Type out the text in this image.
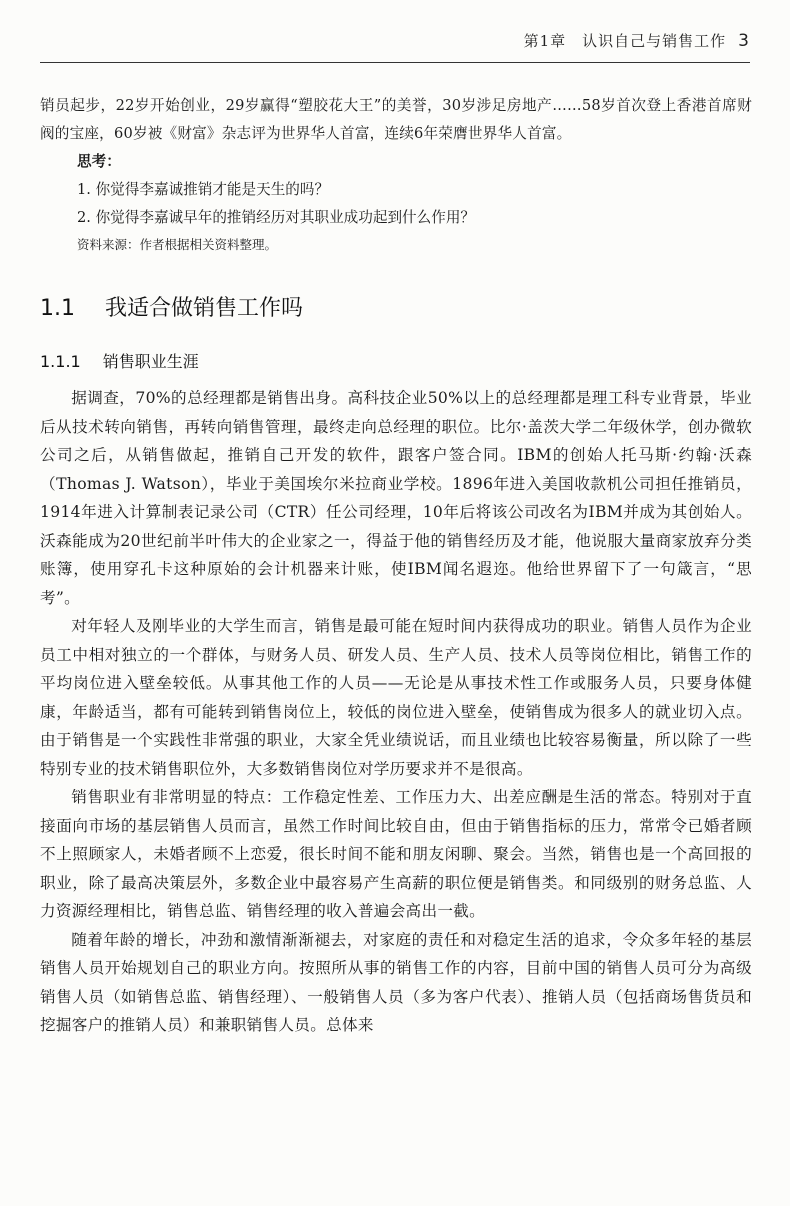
第1章　认识自己与销售工作 3

销员起步，22岁开始创业，29岁赢得“塑胶花大王”的美誉，30岁涉足房地产……58岁首次登上香港首席财阀的宝座，60岁被《财富》杂志评为世界华人首富，连续6年荣膺世界华人首富。

思考：
1. 你觉得李嘉诚推销才能是天生的吗？
2. 你觉得李嘉诚早年的推销经历对其职业成功起到什么作用？
资料来源：作者根据相关资料整理。
1.1 我适合做销售工作吗
1.1.1 销售职业生涯

据调查，70%的总经理都是销售出身。高科技企业50%以上的总经理都是理工科专业背景，毕业后从技术转向销售，再转向销售管理，最终走向总经理的职位。比尔·盖茨大学二年级休学，创办微软公司之后，从销售做起，推销自己开发的软件，跟客户签合同。IBM的创始人托马斯·约翰·沃森（Thomas J. Watson），毕业于美国埃尔米拉商业学校。1896年进入美国收款机公司担任推销员，1914年进入计算制表记录公司（CTR）任公司经理，10年后将该公司改名为IBM并成为其创始人。沃森能成为20世纪前半叶伟大的企业家之一，得益于他的销售经历及才能，他说服大量商家放弃分类账簿，使用穿孔卡这种原始的会计机器来计账，使IBM闻名遐迩。他给世界留下了一句箴言，“思考”。

对年轻人及刚毕业的大学生而言，销售是最可能在短时间内获得成功的职业。销售人员作为企业员工中相对独立的一个群体，与财务人员、研发人员、生产人员、技术人员等岗位相比，销售工作的平均岗位进入壁垒较低。从事其他工作的人员——无论是从事技术性工作或服务人员，只要身体健康，年龄适当，都有可能转到销售岗位上，较低的岗位进入壁垒，使销售成为很多人的就业切入点。由于销售是一个实践性非常强的职业，大家全凭业绩说话，而且业绩也比较容易衡量，所以除了一些特别专业的技术销售职位外，大多数销售岗位对学历要求并不是很高。

销售职业有非常明显的特点：工作稳定性差、工作压力大、出差应酬是生活的常态。特别对于直接面向市场的基层销售人员而言，虽然工作时间比较自由，但由于销售指标的压力，常常令已婚者顾不上照顾家人，未婚者顾不上恋爱，很长时间不能和朋友闲聊、聚会。当然，销售也是一个高回报的职业，除了最高决策层外，多数企业中最容易产生高薪的职位便是销售类。和同级别的财务总监、人力资源经理相比，销售总监、销售经理的收入普遍会高出一截。

随着年龄的增长，冲劲和激情渐渐褪去，对家庭的责任和对稳定生活的追求，令众多年轻的基层销售人员开始规划自己的职业方向。按照所从事的销售工作的内容，目前中国的销售人员可分为高级销售人员（如销售总监、销售经理）、一般销售人员（多为客户代表）、推销人员（包括商场售货员和挖掘客户的推销人员）和兼职销售人员。总体来
